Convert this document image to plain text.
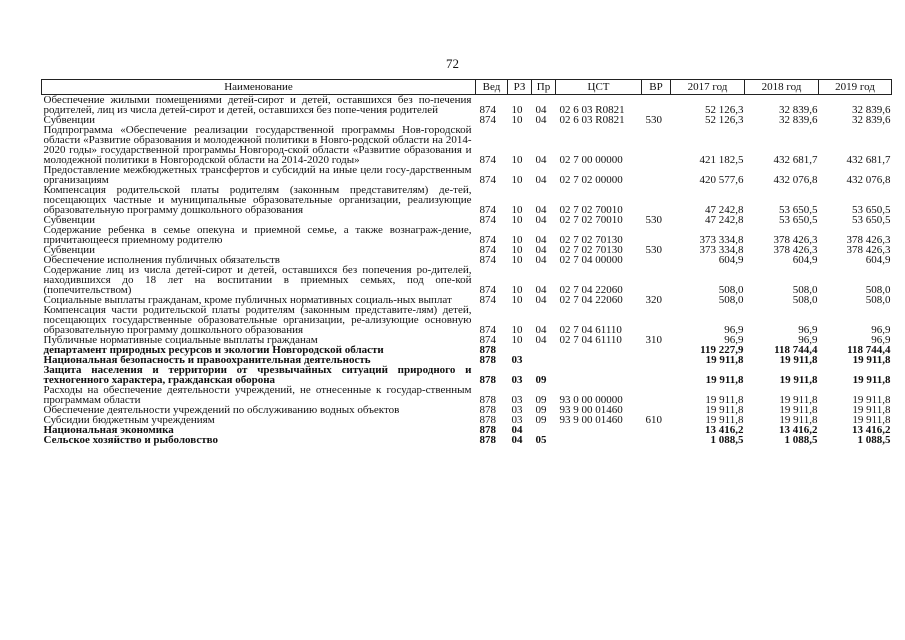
72
Наименование	Вед	РЗ	Пр	ЦСТ	ВР	2017 год	2018 год	2019 год
Обеспечение жилыми помещениями детей-сирот и детей, оставшихся без по-печения родителей, лиц из числа детей-сирот и детей, оставшихся без попе-чения родителей	874	10	04	02 6 03 R0821		52 126,3	32 839,6	32 839,6
Субвенции	874	10	04	02 6 03 R0821	530	52 126,3	32 839,6	32 839,6
Подпрограмма «Обеспечение реализации государственной программы Нов-городской области «Развитие образования и молодежной политики в Новго-родской области на 2014-2020 годы» государственной программы Новгород-ской области «Развитие образования и молодежной политики в Новгородской области на 2014-2020 годы»	874	10	04	02 7 00 00000		421 182,5	432 681,7	432 681,7
Предоставление межбюджетных трансфертов и субсидий на иные цели госу-дарственным организациям	874	10	04	02 7 02 00000		420 577,6	432 076,8	432 076,8
Компенсация родительской платы родителям (законным представителям) де-тей, посещающих частные и муниципальные образовательные организации, реализующие образовательную программу дошкольного образования	874	10	04	02 7 02 70010		47 242,8	53 650,5	53 650,5
Субвенции	874	10	04	02 7 02 70010	530	47 242,8	53 650,5	53 650,5
Содержание ребенка в семье опекуна и приемной семье, а также вознаграж-дение, причитающееся приемному родителю	874	10	04	02 7 02 70130		373 334,8	378 426,3	378 426,3
Субвенции	874	10	04	02 7 02 70130	530	373 334,8	378 426,3	378 426,3
Обеспечение исполнения публичных обязательств	874	10	04	02 7 04 00000		604,9	604,9	604,9
Содержание лиц из числа детей-сирот и детей, оставшихся без попечения ро-дителей, находившихся до 18 лет на воспитании в приемных семьях, под опе-кой (попечительством)	874	10	04	02 7 04 22060		508,0	508,0	508,0
Социальные выплаты гражданам, кроме публичных нормативных социаль-ных выплат	874	10	04	02 7 04 22060	320	508,0	508,0	508,0
Компенсация части родительской платы родителям (законным представите-лям) детей, посещающих государственные образовательные организации, ре-ализующие основную образовательную программу дошкольного образования	874	10	04	02 7 04 61110		96,9	96,9	96,9
Публичные нормативные социальные выплаты гражданам	874	10	04	02 7 04 61110	310	96,9	96,9	96,9
департамент природных ресурсов и экологии Новгородской области	878					119 227,9	118 744,4	118 744,4
Национальная безопасность и правоохранительная деятельность	878	03				19 911,8	19 911,8	19 911,8
Защита населения и территории от чрезвычайных ситуаций природного и техногенного характера, гражданская оборона	878	03	09			19 911,8	19 911,8	19 911,8
Расходы на обеспечение деятельности учреждений, не отнесенные к государ-ственным программам области	878	03	09	93 0 00 00000		19 911,8	19 911,8	19 911,8
Обеспечение деятельности учреждений по обслуживанию водных объектов	878	03	09	93 9 00 01460		19 911,8	19 911,8	19 911,8
Субсидии бюджетным учреждениям	878	03	09	93 9 00 01460	610	19 911,8	19 911,8	19 911,8
Национальная экономика	878	04				13 416,2	13 416,2	13 416,2
Сельское хозяйство и рыболовство	878	04	05			1 088,5	1 088,5	1 088,5
